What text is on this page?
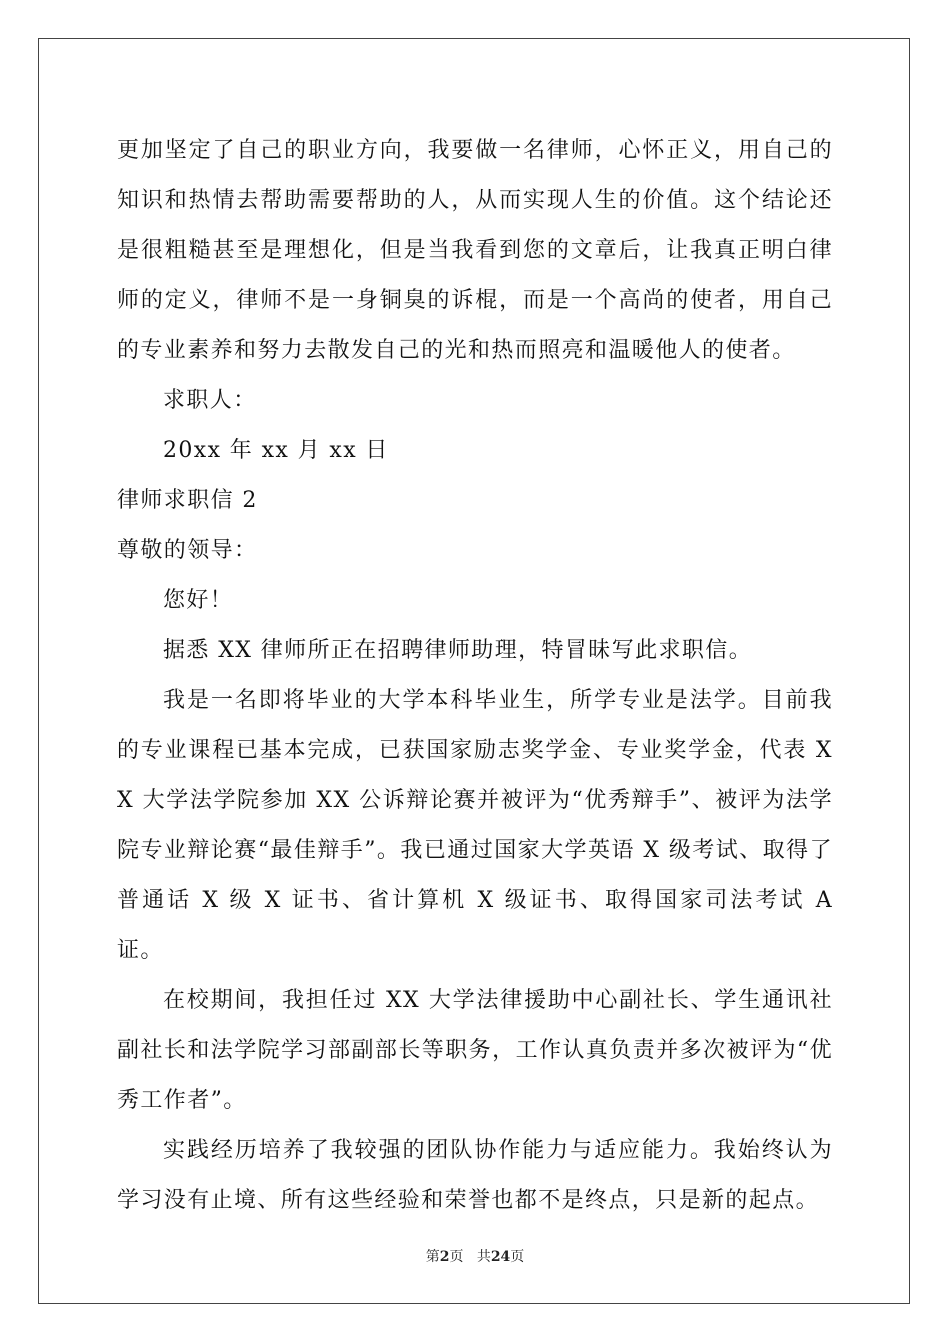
更加坚定了自己的职业方向，我要做一名律师，心怀正义，用自己的知识和热情去帮助需要帮助的人，从而实现人生的价值。这个结论还是很粗糙甚至是理想化，但是当我看到您的文章后，让我真正明白律师的定义，律师不是一身铜臭的诉棍，而是一个高尚的使者，用自己的专业素养和努力去散发自己的光和热而照亮和温暖他人的使者。

求职人：

20xx 年 xx 月 xx 日

律师求职信 2

尊敬的领导：

您好！

据悉 XX 律师所正在招聘律师助理，特冒昧写此求职信。

我是一名即将毕业的大学本科毕业生，所学专业是法学。目前我的专业课程已基本完成，已获国家励志奖学金、专业奖学金，代表 XX 大学法学院参加 XX 公诉辩论赛并被评为“优秀辩手”、被评为法学院专业辩论赛“最佳辩手”。我已通过国家大学英语 X 级考试、取得了普通话 X 级 X 证书、省计算机 X 级证书、取得国家司法考试 A 证。

在校期间，我担任过 XX 大学法律援助中心副社长、学生通讯社副社长和法学院学习部副部长等职务，工作认真负责并多次被评为“优秀工作者”。

实践经历培养了我较强的团队协作能力与适应能力。我始终认为学习没有止境、所有这些经验和荣誉也都不是终点，只是新的起点。

第2页 共24页
